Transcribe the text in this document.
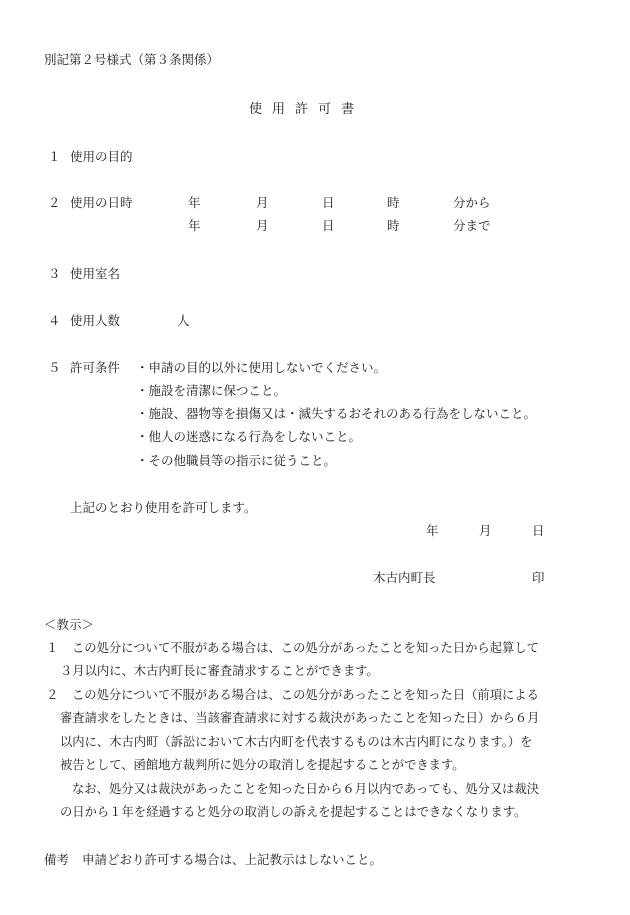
別記第２号様式（第３条関係）
使 用 許 可 書
１ 使用の目的
２ 使用の日時	年	月	日	時	分から
年	月	日	時	分まで
３ 使用室名
４ 使用人数	人
５ 許可条件 ・申請の目的以外に使用しないでください。
・施設を清潔に保つこと。
・施設、器物等を損傷又は・滅失するおそれのある行為をしないこと。
・他人の迷惑になる行為をしないこと。
・その他職員等の指示に従うこと。
上記のとおり使用を許可します。
年	月	日
木古内町長	印
＜教示＞
１ この処分について不服がある場合は、この処分があったことを知った日から起算して
３月以内に、木古内町長に審査請求することができます。
２ この処分について不服がある場合は、この処分があったことを知った日（前項による
審査請求をしたときは、当該審査請求に対する裁決があったことを知った日）から６月
以内に、木古内町（訴訟において木古内町を代表するものは木古内町になります。）を
被告として、函館地方裁判所に処分の取消しを提起することができます。
なお、処分又は裁決があったことを知った日から６月以内であっても、処分又は裁決
の日から１年を経過すると処分の取消しの訴えを提起することはできなくなります。
備考 申請どおり許可する場合は、上記教示はしないこと。
